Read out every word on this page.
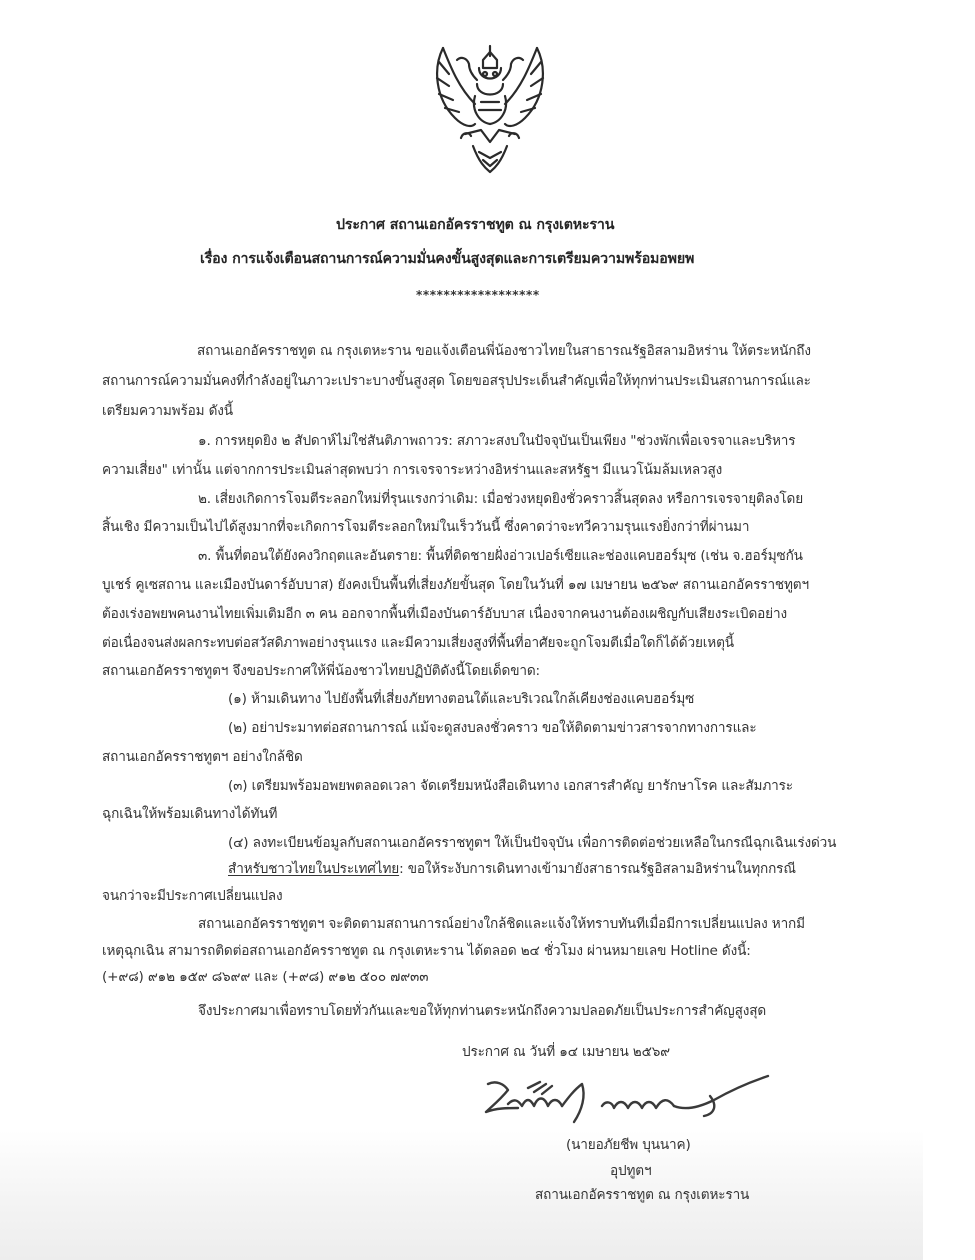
ประกาศ สถานเอกอัครราชทูต ณ กรุงเตหะราน
เรื่อง การแจ้งเตือนสถานการณ์ความมั่นคงขั้นสูงสุดและการเตรียมความพร้อมอพยพ
******************
สถานเอกอัครราชทูต ณ กรุงเตหะราน ขอแจ้งเตือนพี่น้องชาวไทยในสาธารณรัฐอิสลามอิหร่าน ให้ตระหนักถึง
สถานการณ์ความมั่นคงที่กำลังอยู่ในภาวะเปราะบางขั้นสูงสุด โดยขอสรุปประเด็นสำคัญเพื่อให้ทุกท่านประเมินสถานการณ์และ
เตรียมความพร้อม ดังนี้
๑. การหยุดยิง ๒ สัปดาห์ไม่ใช่สันติภาพถาวร: สภาวะสงบในปัจจุบันเป็นเพียง "ช่วงพักเพื่อเจรจาและบริหาร
ความเสี่ยง" เท่านั้น แต่จากการประเมินล่าสุดพบว่า การเจรจาระหว่างอิหร่านและสหรัฐฯ มีแนวโน้มล้มเหลวสูง
๒. เสี่ยงเกิดการโจมตีระลอกใหม่ที่รุนแรงกว่าเดิม: เมื่อช่วงหยุดยิงชั่วคราวสิ้นสุดลง หรือการเจรจายุติลงโดย
สิ้นเชิง มีความเป็นไปได้สูงมากที่จะเกิดการโจมตีระลอกใหม่ในเร็ววันนี้ ซึ่งคาดว่าจะทวีความรุนแรงยิ่งกว่าที่ผ่านมา
๓. พื้นที่ตอนใต้ยังคงวิกฤตและอันตราย: พื้นที่ติดชายฝั่งอ่าวเปอร์เซียและช่องแคบฮอร์มุซ (เช่น จ.ฮอร์มุซกัน
บูเชร์ คูเซสถาน และเมืองบันดาร์อับบาส) ยังคงเป็นพื้นที่เสี่ยงภัยขั้นสุด โดยในวันที่ ๑๗ เมษายน ๒๕๖๙ สถานเอกอัครราชทูตฯ
ต้องเร่งอพยพคนงานไทยเพิ่มเติมอีก ๓ คน ออกจากพื้นที่เมืองบันดาร์อับบาส เนื่องจากคนงานต้องเผชิญกับเสียงระเบิดอย่าง
ต่อเนื่องจนส่งผลกระทบต่อสวัสดิภาพอย่างรุนแรง และมีความเสี่ยงสูงที่พื้นที่อาศัยจะถูกโจมตีเมื่อใดก็ได้ด้วยเหตุนี้
สถานเอกอัครราชทูตฯ จึงขอประกาศให้พี่น้องชาวไทยปฏิบัติดังนี้โดยเด็ดขาด:
(๑) ห้ามเดินทาง ไปยังพื้นที่เสี่ยงภัยทางตอนใต้และบริเวณใกล้เคียงช่องแคบฮอร์มุซ
(๒) อย่าประมาทต่อสถานการณ์ แม้จะดูสงบลงชั่วคราว ขอให้ติดตามข่าวสารจากทางการและ
สถานเอกอัครราชทูตฯ อย่างใกล้ชิด
(๓) เตรียมพร้อมอพยพตลอดเวลา จัดเตรียมหนังสือเดินทาง เอกสารสำคัญ ยารักษาโรค และสัมภาระ
ฉุกเฉินให้พร้อมเดินทางได้ทันที
(๔) ลงทะเบียนข้อมูลกับสถานเอกอัครราชทูตฯ ให้เป็นปัจจุบัน เพื่อการติดต่อช่วยเหลือในกรณีฉุกเฉินเร่งด่วน
สำหรับชาวไทยในประเทศไทย: ขอให้ระงับการเดินทางเข้ามายังสาธารณรัฐอิสลามอิหร่านในทุกกรณี
จนกว่าจะมีประกาศเปลี่ยนแปลง
สถานเอกอัครราชทูตฯ จะติดตามสถานการณ์อย่างใกล้ชิดและแจ้งให้ทราบทันทีเมื่อมีการเปลี่ยนแปลง หากมี
เหตุฉุกเฉิน สามารถติดต่อสถานเอกอัครราชทูต ณ กรุงเตหะราน ได้ตลอด ๒๔ ชั่วโมง ผ่านหมายเลข Hotline ดังนี้:
(+๙๘) ๙๑๒ ๑๕๙ ๘๖๙๙ และ (+๙๘) ๙๑๒ ๕๐๐ ๗๙๓๓
จึงประกาศมาเพื่อทราบโดยทั่วกันและขอให้ทุกท่านตระหนักถึงความปลอดภัยเป็นประการสำคัญสูงสุด
ประกาศ ณ วันที่ ๑๔ เมษายน ๒๕๖๙
(นายอภัยชีพ บุนนาค)
อุปทูตฯ
สถานเอกอัครราชทูต ณ กรุงเตหะราน
